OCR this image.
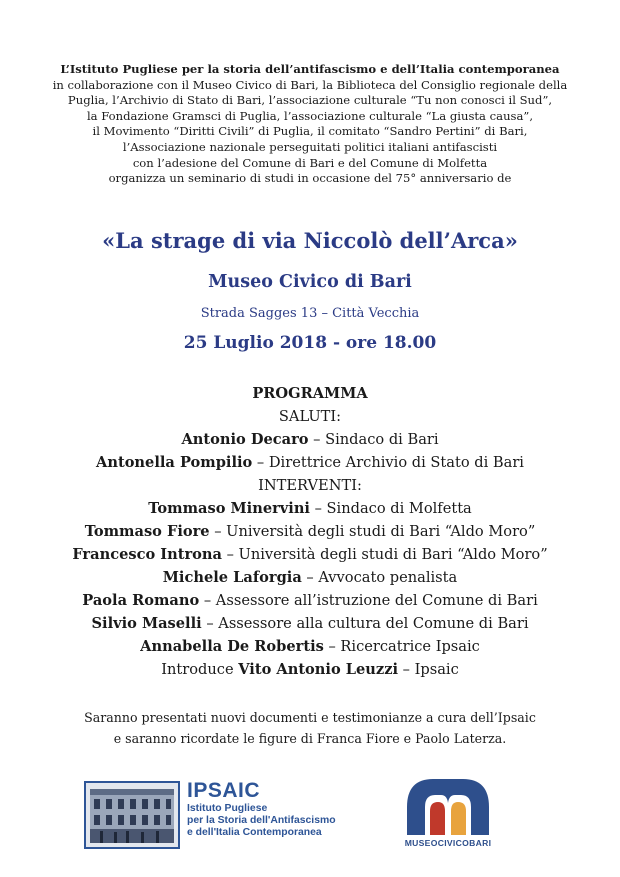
L’Istituto Pugliese per la storia dell’antifascismo e dell’Italia contemporanea
in collaborazione con il Museo Civico di Bari, la Biblioteca del Consiglio regionale della
Puglia, l’Archivio di Stato di Bari, l’associazione culturale “Tu non conosci il Sud”,
la Fondazione Gramsci di Puglia, l’associazione culturale “La giusta causa”,
il Movimento “Diritti Civili” di Puglia, il comitato “Sandro Pertini” di Bari,
l’Associazione nazionale perseguitati politici italiani antifascisti
con l’adesione del Comune di Bari e del Comune di Molfetta
organizza un seminario di studi in occasione del 75° anniversario de
«La strage di via Niccolò dell’Arca»
Museo Civico di Bari
Strada Sagges 13 – Città Vecchia
25 Luglio 2018 - ore 18.00
PROGRAMMA
SALUTI:
Antonio Decaro – Sindaco di Bari
Antonella Pompilio – Direttrice Archivio di Stato di Bari
INTERVENTI:
Tommaso Minervini – Sindaco di Molfetta
Tommaso Fiore – Università degli studi di Bari “Aldo Moro”
Francesco Introna – Università degli studi di Bari “Aldo Moro”
Michele Laforgia – Avvocato penalista
Paola Romano – Assessore all’istruzione del Comune di Bari
Silvio Maselli – Assessore alla cultura del Comune di Bari
Annabella De Robertis – Ricercatrice Ipsaic
Introduce Vito Antonio Leuzzi – Ipsaic
Saranno presentati nuovi documenti e testimonianze a cura dell’Ipsaic
e saranno ricordate le figure di Franca Fiore e Paolo Laterza.
IPSAIC
Istituto Pugliese
per la Storia dell'Antifascismo
e dell'Italia Contemporanea
MUSEOCIVICOBARI
